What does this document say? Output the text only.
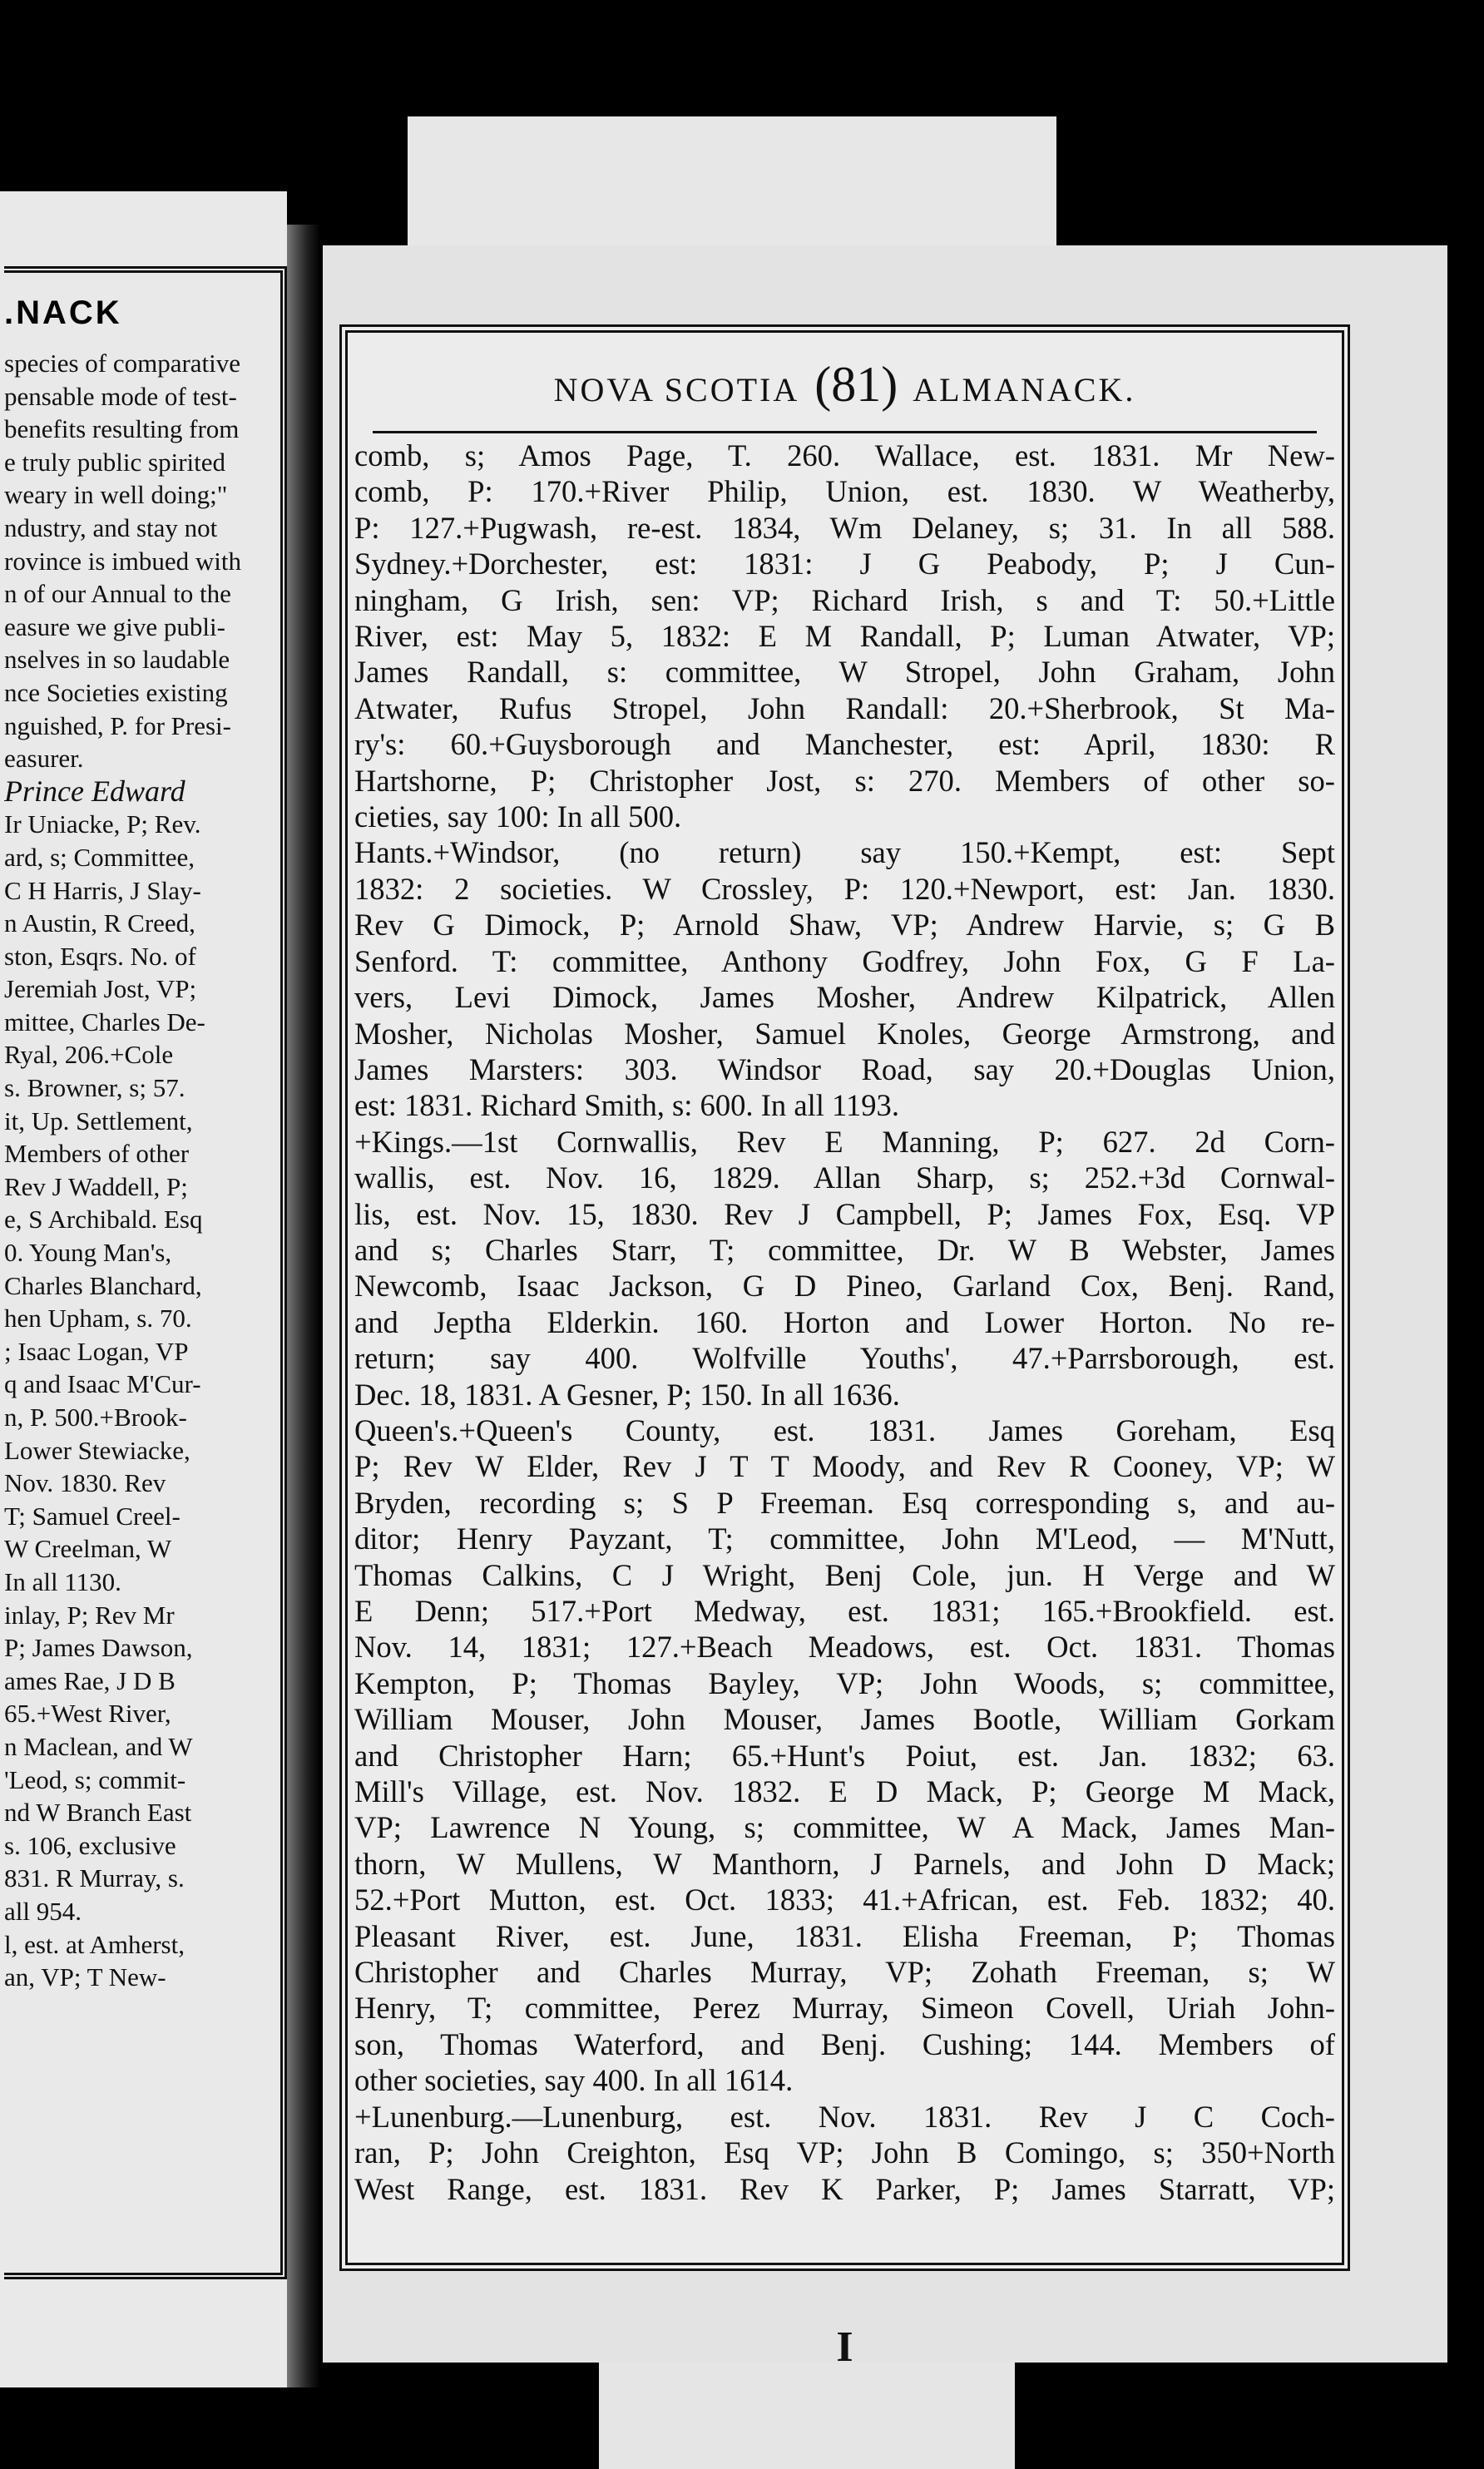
NACK.
species of comparative
pensable mode of test-
benefits resulting from
e truly public spirited
weary in well doing;"
ndustry, and stay not
rovince is imbued with
n of our Annual to the
easure we give publi-
nselves in so laudable
nce Societies existing
nguished, P. for Presi-
easurer.
Prince Edward
Ir Uniacke, P; Rev.
ard, s; Committee,
C H Harris, J Slay-
n Austin, R Creed,
ston, Esqrs. No. of
Jeremiah Jost, VP;
mittee, Charles De-
Ryal, 206.+Cole
s. Browner, s; 57.
it, Up. Settlement,
Members of other
Rev J Waddell, P;
e, S Archibald. Esq
0. Young Man's,
Charles Blanchard,
hen Upham, s. 70.
; Isaac Logan, VP
q and Isaac M'Cur-
n, P. 500.+Brook-
Lower Stewiacke,
Nov. 1830. Rev
T; Samuel Creel-
W Creelman, W
In all 1130.
inlay, P; Rev Mr
P; James Dawson,
ames Rae, J D B
65.+West River,
n Maclean, and W
'Leod, s; commit-
nd W Branch East
s. 106, exclusive
831. R Murray, s.
all 954.
l, est. at Amherst,
an, VP; T New-
NOVA SCOTIA (81) ALMANACK.
comb, s; Amos Page, T. 260. Wallace, est. 1831. Mr New-
comb, P: 170.+River Philip, Union, est. 1830. W Weatherby,
P: 127.+Pugwash, re-est. 1834, Wm Delaney, s; 31. In all 588.
Sydney.+Dorchester, est: 1831: J G Peabody, P; J Cun-
ningham, G Irish, sen: VP; Richard Irish, s and T: 50.+Little
River, est: May 5, 1832: E M Randall, P; Luman Atwater, VP;
James Randall, s: committee, W Stropel, John Graham, John
Atwater, Rufus Stropel, John Randall: 20.+Sherbrook, St Ma-
ry's: 60.+Guysborough and Manchester, est: April, 1830: R
Hartshorne, P; Christopher Jost, s: 270. Members of other so-
cieties, say 100: In all 500.
Hants.+Windsor, (no return) say 150.+Kempt, est: Sept
1832: 2 societies. W Crossley, P: 120.+Newport, est: Jan. 1830.
Rev G Dimock, P; Arnold Shaw, VP; Andrew Harvie, s; G B
Senford. T: committee, Anthony Godfrey, John Fox, G F La-
vers, Levi Dimock, James Mosher, Andrew Kilpatrick, Allen
Mosher, Nicholas Mosher, Samuel Knoles, George Armstrong, and
James Marsters: 303. Windsor Road, say 20.+Douglas Union,
est: 1831. Richard Smith, s: 600. In all 1193.
+Kings.—1st Cornwallis, Rev E Manning, P; 627. 2d Corn-
wallis, est. Nov. 16, 1829. Allan Sharp, s; 252.+3d Cornwal-
lis, est. Nov. 15, 1830. Rev J Campbell, P; James Fox, Esq. VP
and s; Charles Starr, T; committee, Dr. W B Webster, James
Newcomb, Isaac Jackson, G D Pineo, Garland Cox, Benj. Rand,
and Jeptha Elderkin. 160. Horton and Lower Horton. No re-
return; say 400. Wolfville Youths', 47.+Parrsborough, est.
Dec. 18, 1831. A Gesner, P; 150. In all 1636.
Queen's.+Queen's County, est. 1831. James Goreham, Esq
P; Rev W Elder, Rev J T T Moody, and Rev R Cooney, VP; W
Bryden, recording s; S P Freeman. Esq corresponding s, and au-
ditor; Henry Payzant, T; committee, John M'Leod, — M'Nutt,
Thomas Calkins, C J Wright, Benj Cole, jun. H Verge and W
E Denn; 517.+Port Medway, est. 1831; 165.+Brookfield. est.
Nov. 14, 1831; 127.+Beach Meadows, est. Oct. 1831. Thomas
Kempton, P; Thomas Bayley, VP; John Woods, s; committee,
William Mouser, John Mouser, James Bootle, William Gorkam
and Christopher Harn; 65.+Hunt's Poiut, est. Jan. 1832; 63.
Mill's Village, est. Nov. 1832. E D Mack, P; George M Mack,
VP; Lawrence N Young, s; committee, W A Mack, James Man-
thorn, W Mullens, W Manthorn, J Parnels, and John D Mack;
52.+Port Mutton, est. Oct. 1833; 41.+African, est. Feb. 1832; 40.
Pleasant River, est. June, 1831. Elisha Freeman, P; Thomas
Christopher and Charles Murray, VP; Zohath Freeman, s; W
Henry, T; committee, Perez Murray, Simeon Covell, Uriah John-
son, Thomas Waterford, and Benj. Cushing; 144. Members of
other societies, say 400. In all 1614.
+Lunenburg.—Lunenburg, est. Nov. 1831. Rev J C Coch-
ran, P; John Creighton, Esq VP; John B Comingo, s; 350+North
West Range, est. 1831. Rev K Parker, P; James Starratt, VP;
I
